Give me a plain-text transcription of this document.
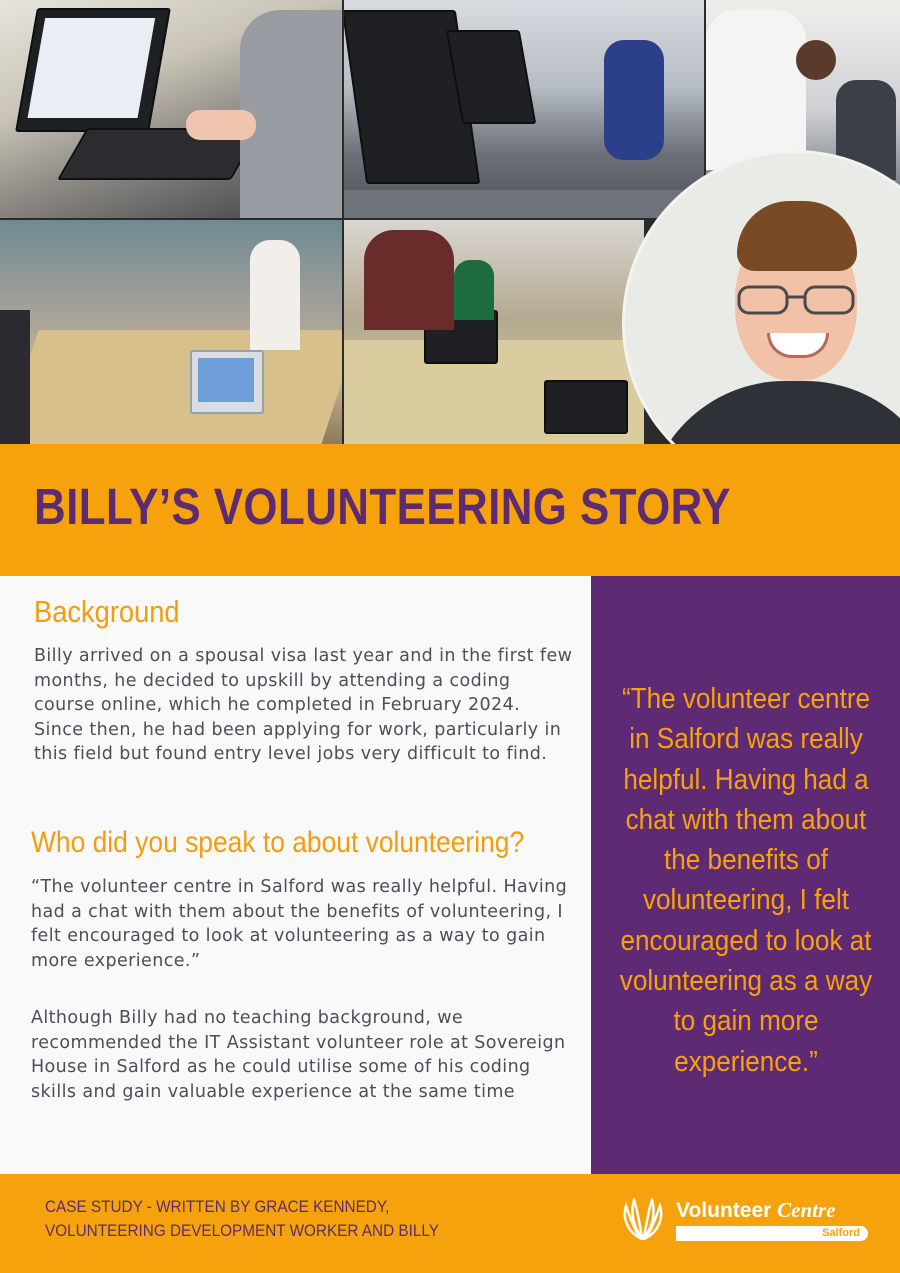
BILLY’S VOLUNTEERING STORY
Background

Billy arrived on a spousal visa last year and in the first few months, he decided to upskill by attending a coding course online, which he completed in February 2024. Since then, he had been applying for work, particularly in this field but found entry level jobs very difficult to find.

Who did you speak to about volunteering?

“The volunteer centre in Salford was really helpful. Having had a chat with them about the benefits of volunteering, I felt encouraged to look at volunteering as a way to gain more experience.”

Although Billy had no teaching background, we recommended the IT Assistant volunteer role at Sovereign House in Salford as he could utilise some of his coding skills and gain valuable experience at the same time

“The volunteer centre in Salford was really helpful. Having had a chat with them about the benefits of volunteering, I felt encouraged to look at volunteering as a way to gain more experience.”

CASE STUDY - WRITTEN BY GRACE KENNEDY, VOLUNTEERING DEVELOPMENT WORKER AND BILLY

Volunteer Centre
Salford
